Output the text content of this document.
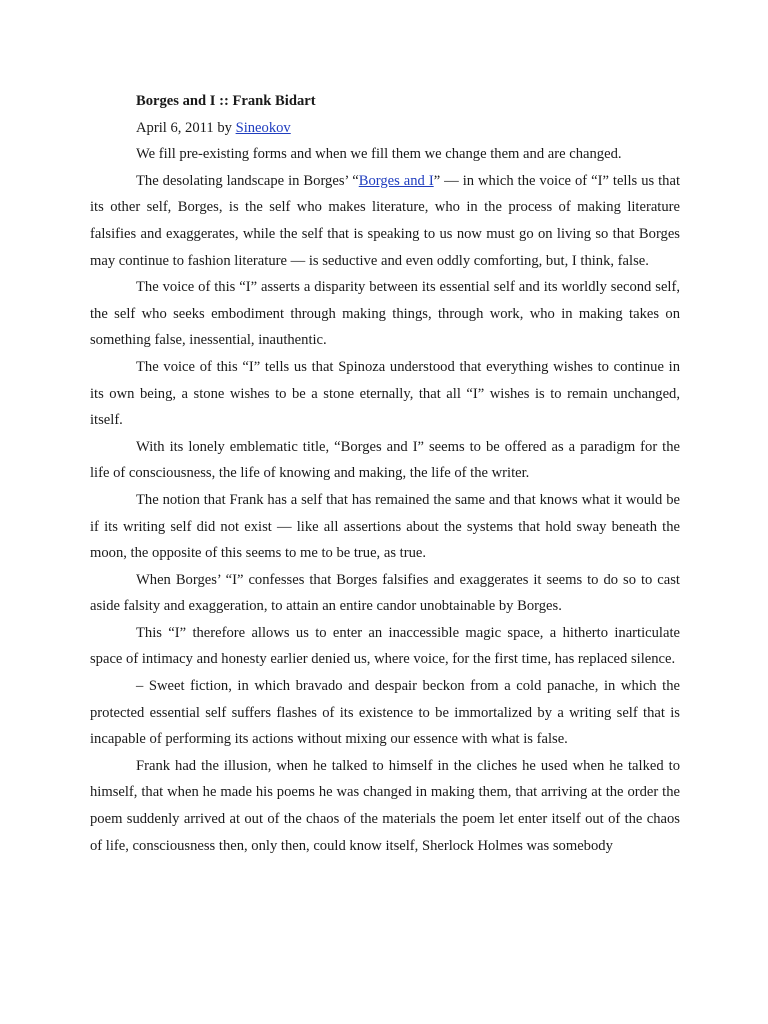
Borges and I :: Frank Bidart

April 6, 2011 by Sineokov

We fill pre-existing forms and when we fill them we change them and are changed.

The desolating landscape in Borges’ “Borges and I” — in which the voice of “I” tells us that its other self, Borges, is the self who makes literature, who in the process of making literature falsifies and exaggerates, while the self that is speaking to us now must go on living so that Borges may continue to fashion literature — is seductive and even oddly comforting, but, I think, false.

The voice of this “I” asserts a disparity between its essential self and its worldly second self, the self who seeks embodiment through making things, through work, who in making takes on something false, inessential, inauthentic.

The voice of this “I” tells us that Spinoza understood that everything wishes to continue in its own being, a stone wishes to be a stone eternally, that all “I” wishes is to remain unchanged, itself.

With its lonely emblematic title, “Borges and I” seems to be offered as a paradigm for the life of consciousness, the life of knowing and making, the life of the writer.

The notion that Frank has a self that has remained the same and that knows what it would be if its writing self did not exist — like all assertions about the systems that hold sway beneath the moon, the opposite of this seems to me to be true, as true.

When Borges’ “I” confesses that Borges falsifies and exaggerates it seems to do so to cast aside falsity and exaggeration, to attain an entire candor unobtainable by Borges.

This “I” therefore allows us to enter an inaccessible magic space, a hitherto inarticulate space of intimacy and honesty earlier denied us, where voice, for the first time, has replaced silence.

– Sweet fiction, in which bravado and despair beckon from a cold panache, in which the protected essential self suffers flashes of its existence to be immortalized by a writing self that is incapable of performing its actions without mixing our essence with what is false.

Frank had the illusion, when he talked to himself in the cliches he used when he talked to himself, that when he made his poems he was changed in making them, that arriving at the order the poem suddenly arrived at out of the chaos of the materials the poem let enter itself out of the chaos of life, consciousness then, only then, could know itself, Sherlock Holmes was somebody
